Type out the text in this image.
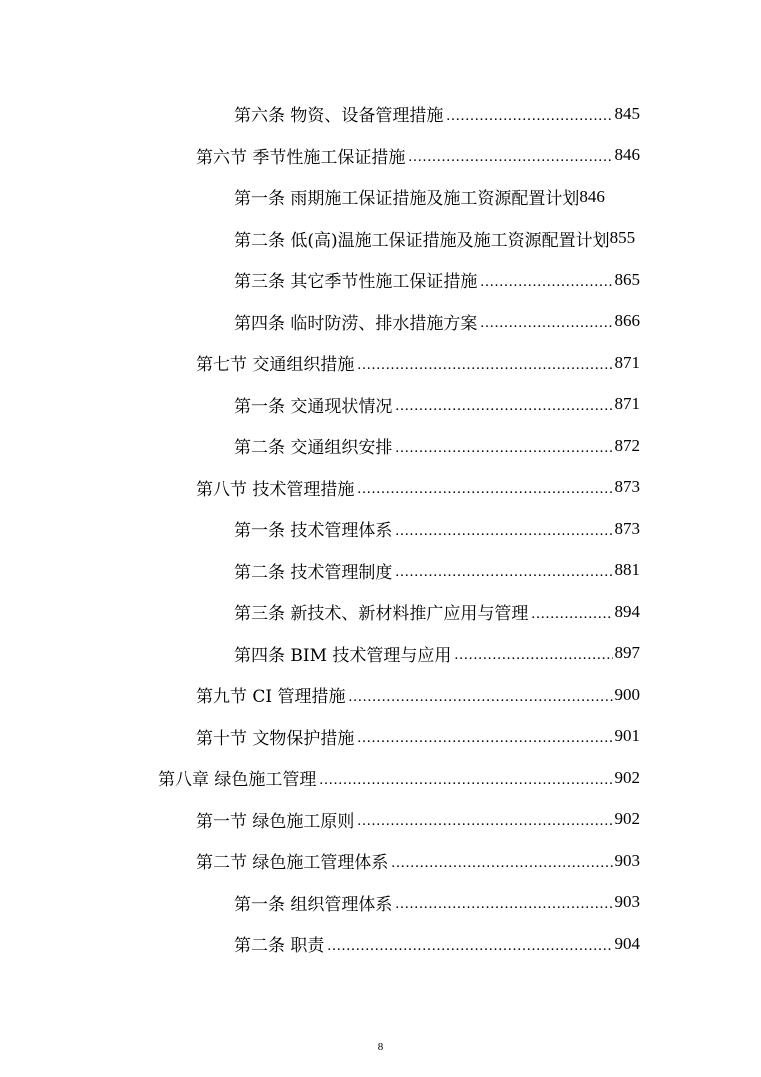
第六条 物资、设备管理措施 .....	845
第六节 季节性施工保证措施 .....	846
第一条 雨期施工保证措施及施工资源配置计划 846
第二条 低(高)温施工保证措施及施工资源配置计划 855
第三条 其它季节性施工保证措施 .....	865
第四条 临时防涝、排水措施方案 .....	866
第七节 交通组织措施 .....	871
第一条 交通现状情况 .....	871
第二条 交通组织安排 .....	872
第八节 技术管理措施 .....	873
第一条 技术管理体系 .....	873
第二条 技术管理制度 .....	881
第三条 新技术、新材料推广应用与管理 .....	894
第四条 BIM 技术管理与应用 .....	897
第九节 CI 管理措施 .....	900
第十节 文物保护措施 .....	901
第八章 绿色施工管理 .....	902
第一节 绿色施工原则 .....	902
第二节 绿色施工管理体系 .....	903
第一条 组织管理体系 .....	903
第二条 职责 .....	904
8
